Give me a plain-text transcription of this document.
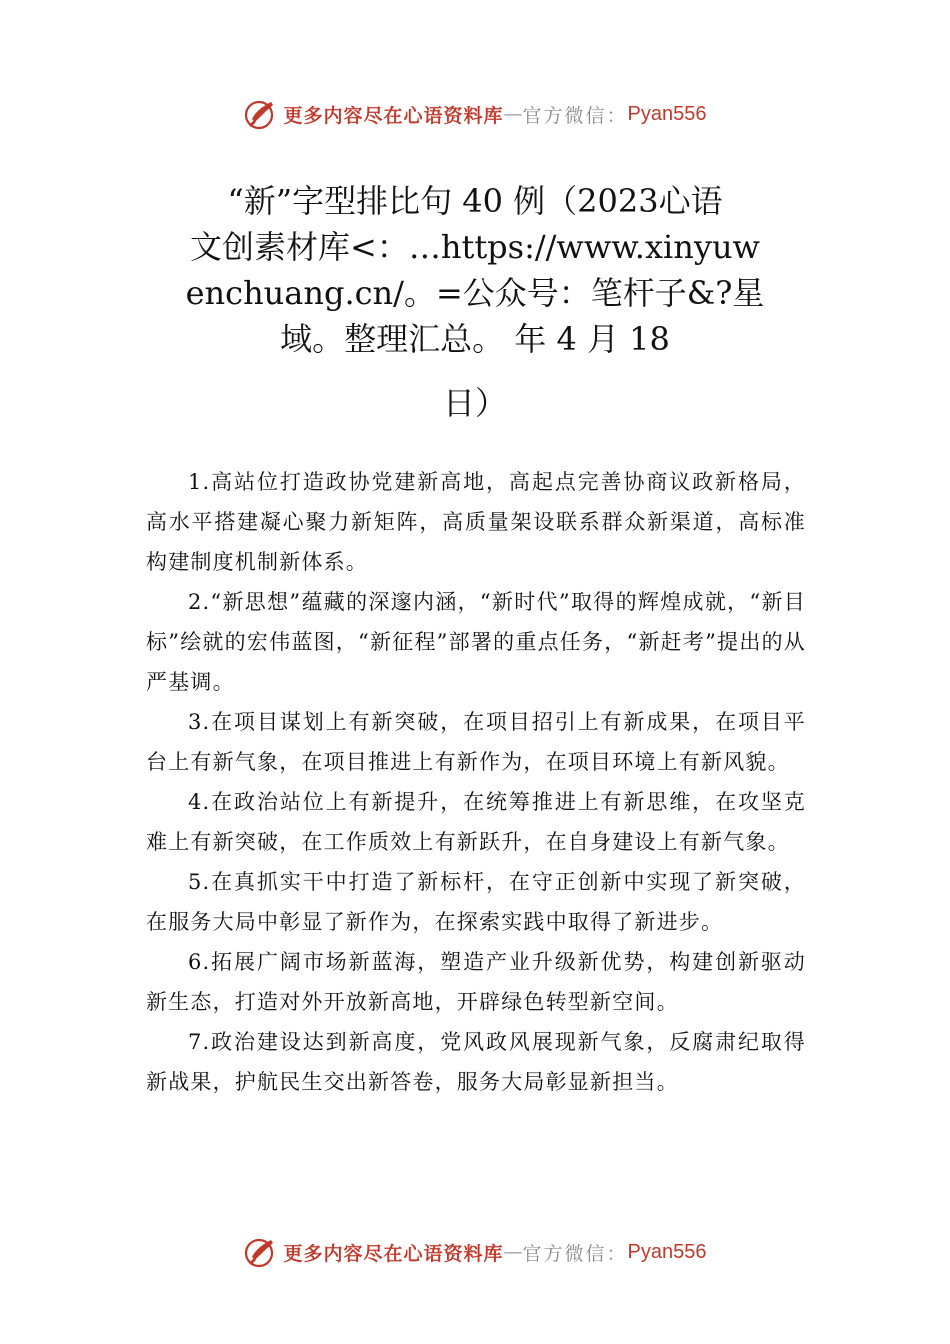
更多内容尽在心语资料库 — 官方微信： Pyan556
“新”字型排比句 40 例（2023心语
文创素材库<：…https://www.xinyuw
enchuang.cn/。=公众号：笔杆子&?星
域。整理汇总。 年 4 月 18
日）

1.高站位打造政协党建新高地，高起点完善协商议政新格局，高水平搭建凝心聚力新矩阵，高质量架设联系群众新渠道，高标准构建制度机制新体系。

2.“新思想”蕴藏的深邃内涵，“新时代”取得的辉煌成就，“新目标”绘就的宏伟蓝图，“新征程”部署的重点任务，“新赶考”提出的从严基调。

3.在项目谋划上有新突破，在项目招引上有新成果，在项目平台上有新气象，在项目推进上有新作为，在项目环境上有新风貌。

4.在政治站位上有新提升，在统筹推进上有新思维，在攻坚克难上有新突破，在工作质效上有新跃升，在自身建设上有新气象。

5.在真抓实干中打造了新标杆，在守正创新中实现了新突破，在服务大局中彰显了新作为，在探索实践中取得了新进步。

6.拓展广阔市场新蓝海，塑造产业升级新优势，构建创新驱动新生态，打造对外开放新高地，开辟绿色转型新空间。

7.政治建设达到新高度，党风政风展现新气象，反腐肃纪取得新战果，护航民生交出新答卷，服务大局彰显新担当。

更多内容尽在心语资料库 — 官方微信： Pyan556
